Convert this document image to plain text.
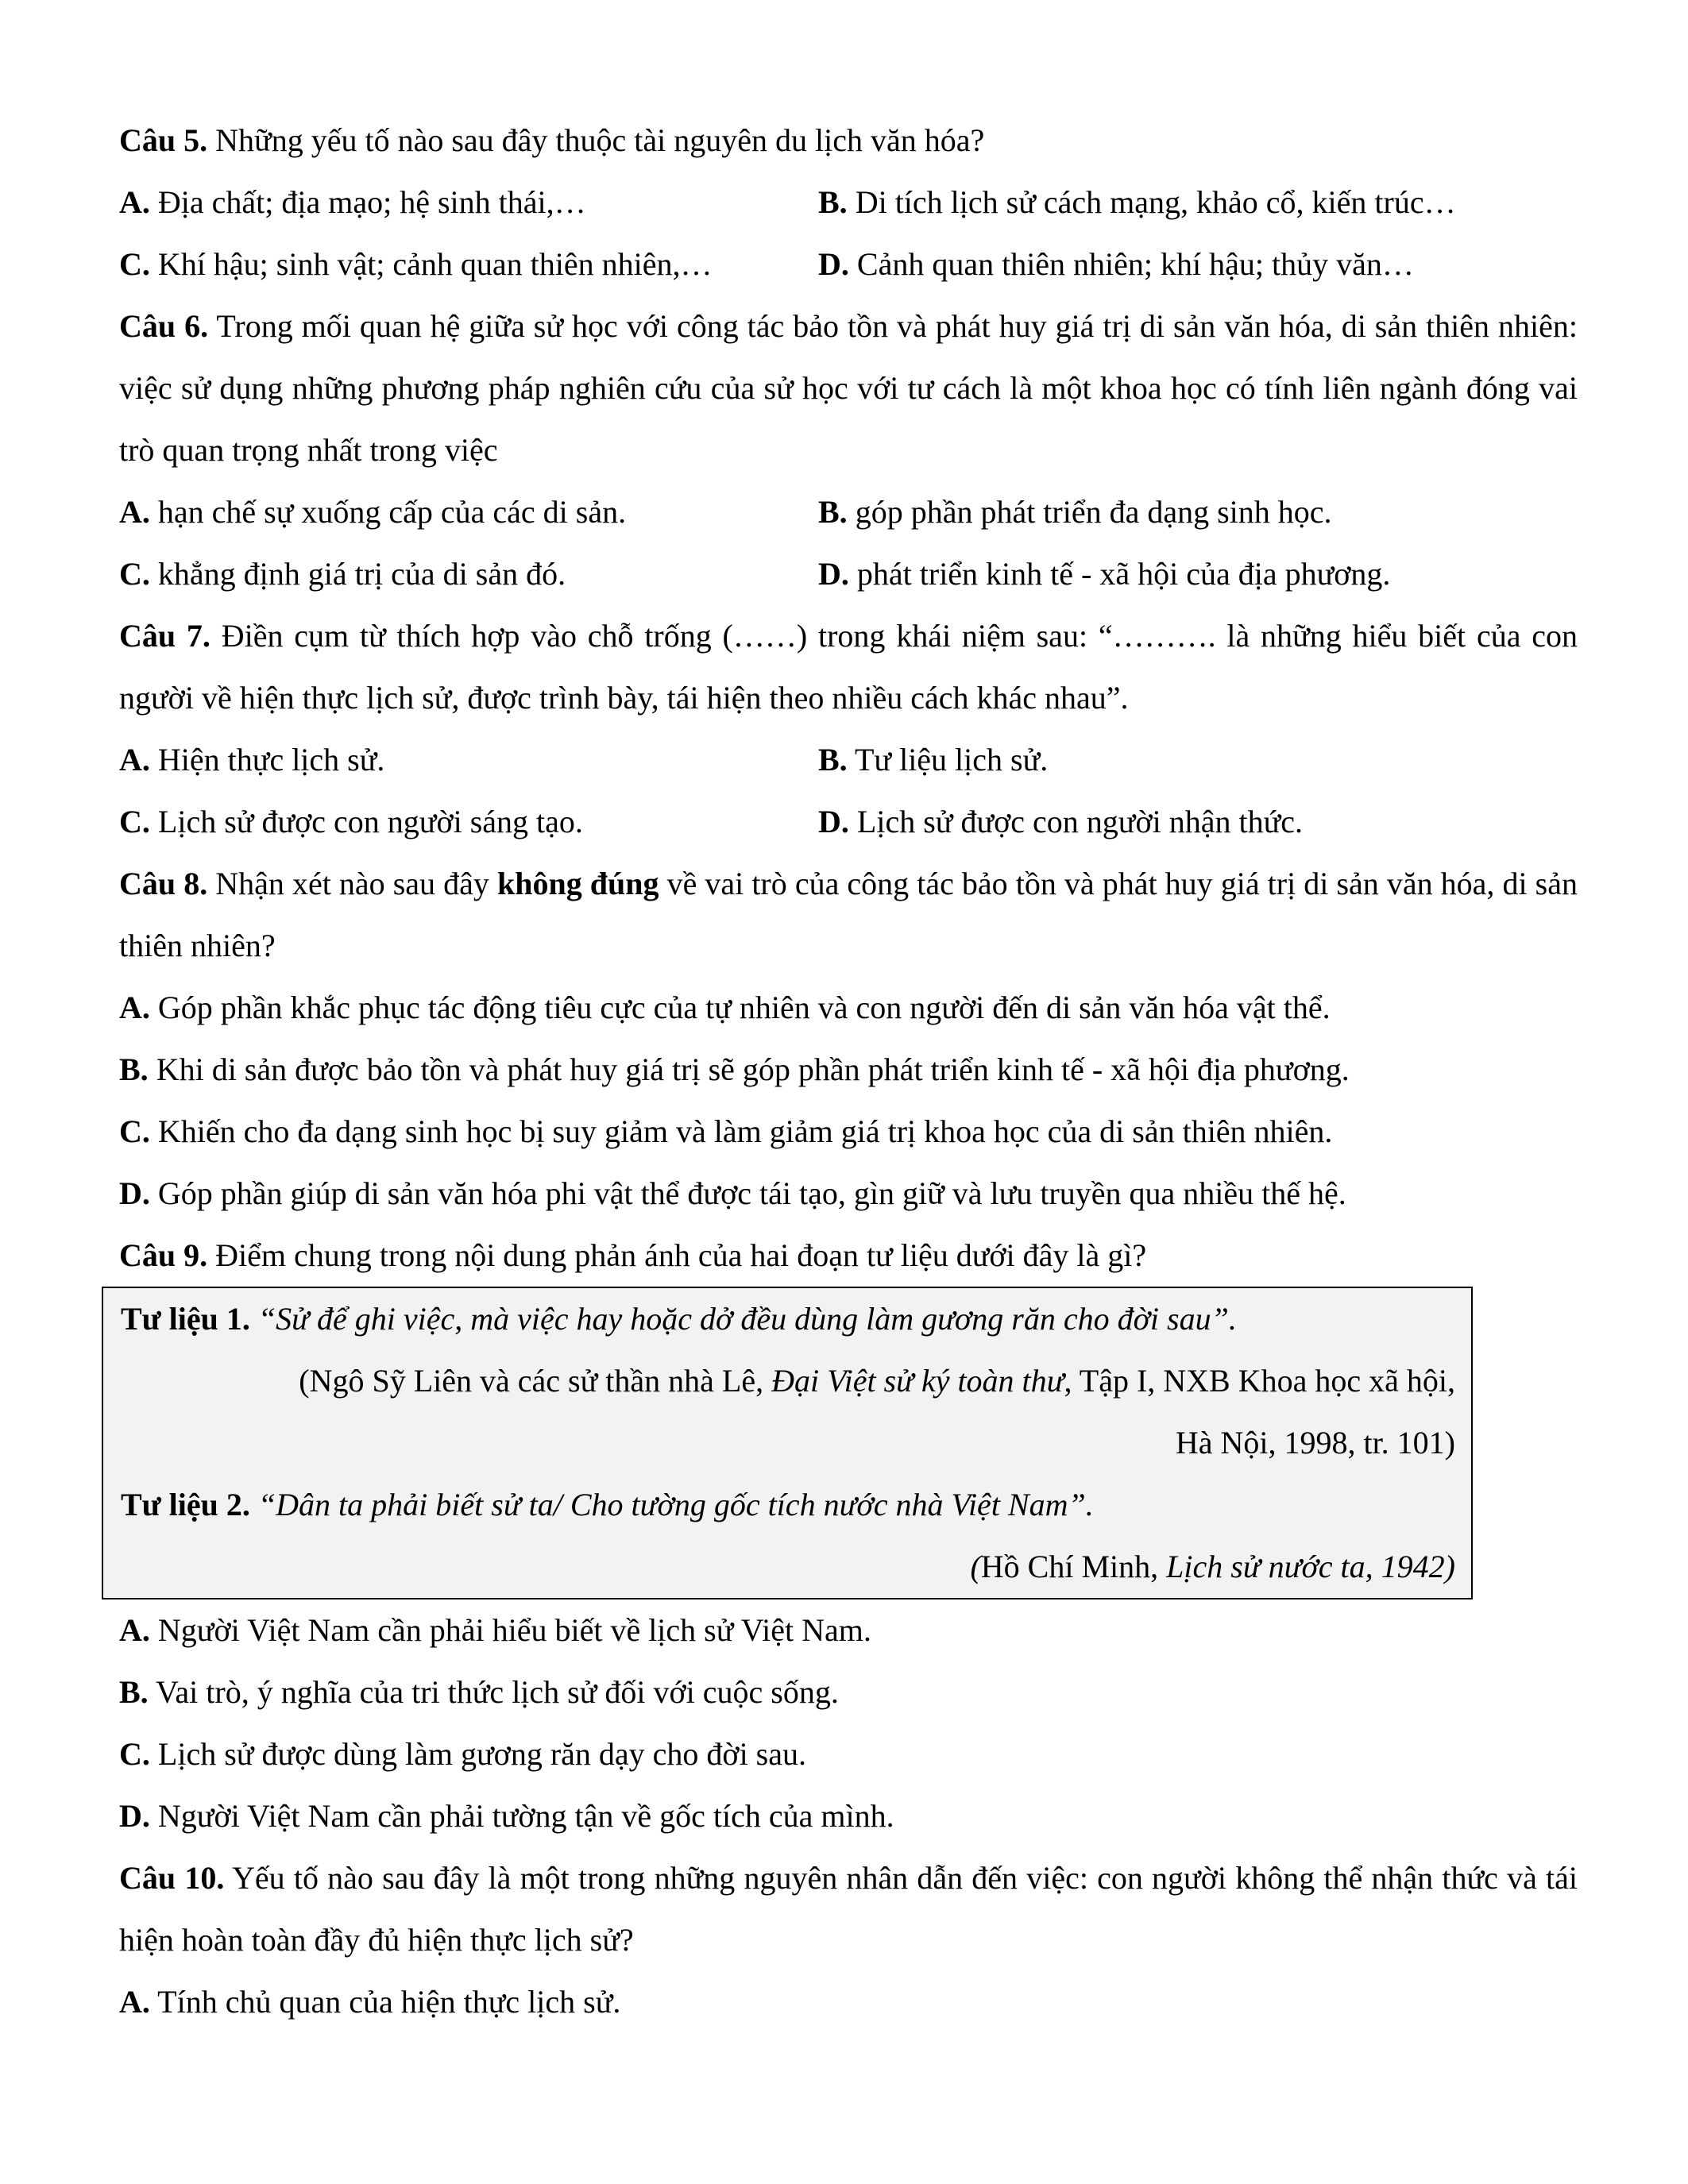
Câu 5. Những yếu tố nào sau đây thuộc tài nguyên du lịch văn hóa?
A. Địa chất; địa mạo; hệ sinh thái,…	B. Di tích lịch sử cách mạng, khảo cổ, kiến trúc…
C. Khí hậu; sinh vật; cảnh quan thiên nhiên,…	D. Cảnh quan thiên nhiên; khí hậu; thủy văn…
Câu 6. Trong mối quan hệ giữa sử học với công tác bảo tồn và phát huy giá trị di sản văn hóa, di sản thiên nhiên: việc sử dụng những phương pháp nghiên cứu của sử học với tư cách là một khoa học có tính liên ngành đóng vai trò quan trọng nhất trong việc
A. hạn chế sự xuống cấp của các di sản.	B. góp phần phát triển đa dạng sinh học.
C. khẳng định giá trị của di sản đó.	D. phát triển kinh tế - xã hội của địa phương.
Câu 7. Điền cụm từ thích hợp vào chỗ trống (……) trong khái niệm sau: “………. là những hiểu biết của con người về hiện thực lịch sử, được trình bày, tái hiện theo nhiều cách khác nhau”.
A. Hiện thực lịch sử.	B. Tư liệu lịch sử.
C. Lịch sử được con người sáng tạo.	D. Lịch sử được con người nhận thức.
Câu 8. Nhận xét nào sau đây không đúng về vai trò của công tác bảo tồn và phát huy giá trị di sản văn hóa, di sản thiên nhiên?
A. Góp phần khắc phục tác động tiêu cực của tự nhiên và con người đến di sản văn hóa vật thể.
B. Khi di sản được bảo tồn và phát huy giá trị sẽ góp phần phát triển kinh tế - xã hội địa phương.
C. Khiến cho đa dạng sinh học bị suy giảm và làm giảm giá trị khoa học của di sản thiên nhiên.
D. Góp phần giúp di sản văn hóa phi vật thể được tái tạo, gìn giữ và lưu truyền qua nhiều thế hệ.
Câu 9. Điểm chung trong nội dung phản ánh của hai đoạn tư liệu dưới đây là gì?
Tư liệu 1. “Sử để ghi việc, mà việc hay hoặc dở đều dùng làm gương răn cho đời sau”.
(Ngô Sỹ Liên và các sử thần nhà Lê, Đại Việt sử ký toàn thư, Tập I, NXB Khoa học xã hội,
Hà Nội, 1998, tr. 101)
Tư liệu 2. “Dân ta phải biết sử ta/ Cho tường gốc tích nước nhà Việt Nam”.
(Hồ Chí Minh, Lịch sử nước ta, 1942)
A. Người Việt Nam cần phải hiểu biết về lịch sử Việt Nam.
B. Vai trò, ý nghĩa của tri thức lịch sử đối với cuộc sống.
C. Lịch sử được dùng làm gương răn dạy cho đời sau.
D. Người Việt Nam cần phải tường tận về gốc tích của mình.
Câu 10. Yếu tố nào sau đây là một trong những nguyên nhân dẫn đến việc: con người không thể nhận thức và tái hiện hoàn toàn đầy đủ hiện thực lịch sử?
A. Tính chủ quan của hiện thực lịch sử.
